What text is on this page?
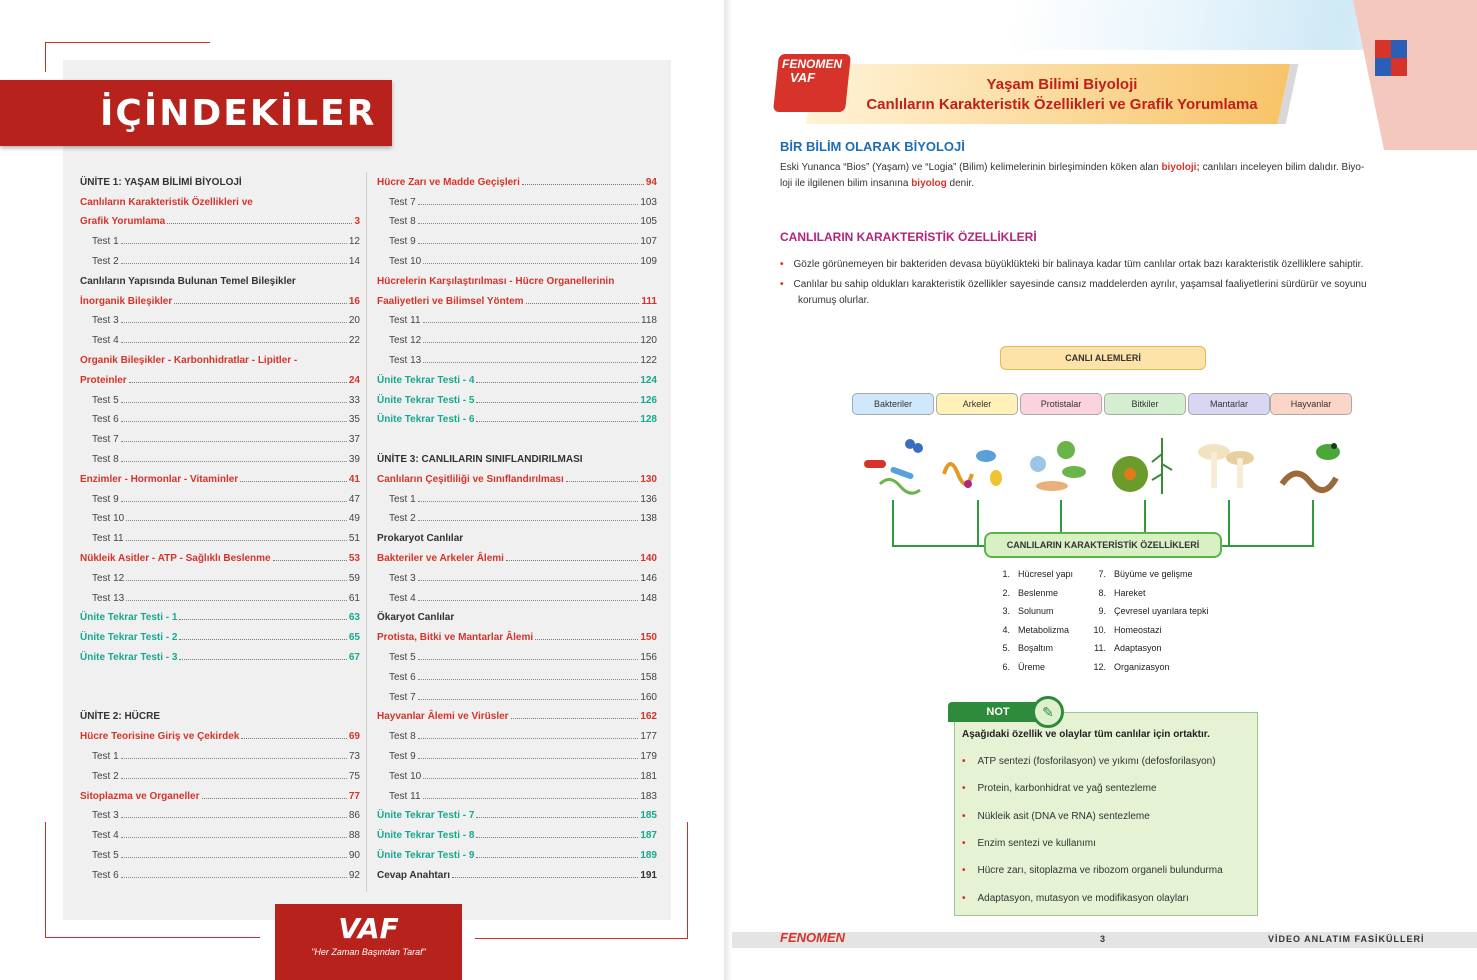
İÇİNDEKİLER
ÜNİTE 1: YAŞAM BİLİMİ BİYOLOJİ
Canlıların Karakteristik Özellikleri ve
Grafik Yorumlama	3
Test 1	12
Test 2	14
Canlıların Yapısında Bulunan Temel Bileşikler
İnorganik Bileşikler	16
Test 3	20
Test 4	22
Organik Bileşikler - Karbonhidratlar - Lipitler -
Proteinler	24
Test 5	33
Test 6	35
Test 7	37
Test 8	39
Enzimler - Hormonlar - Vitaminler	41
Test 9	47
Test 10	49
Test 11	51
Nükleik Asitler - ATP - Sağlıklı Beslenme	53
Test 12	59
Test 13	61
Ünite Tekrar Testi - 1	63
Ünite Tekrar Testi - 2	65
Ünite Tekrar Testi - 3	67
ÜNİTE 2: HÜCRE
Hücre Teorisine Giriş ve Çekirdek	69
Test 1	73
Test 2	75
Sitoplazma ve Organeller	77
Test 3	86
Test 4	88
Test 5	90
Test 6	92
Hücre Zarı ve Madde Geçişleri	94
Test 7	103
Test 8	105
Test 9	107
Test 10	109
Hücrelerin Karşılaştırılması - Hücre Organellerinin
Faaliyetleri ve Bilimsel Yöntem	111
Test 11	118
Test 12	120
Test 13	122
Ünite Tekrar Testi - 4	124
Ünite Tekrar Testi - 5	126
Ünite Tekrar Testi - 6	128
ÜNİTE 3: CANLILARIN SINIFLANDIRILMASI
Canlıların Çeşitliliği ve Sınıflandırılması	130
Test 1	136
Test 2	138
Prokaryot Canlılar
Bakteriler ve Arkeler Âlemi	140
Test 3	146
Test 4	148
Ökaryot Canlılar
Protista, Bitki ve Mantarlar Âlemi	150
Test 5	156
Test 6	158
Test 7	160
Hayvanlar Âlemi ve Virüsler	162
Test 8	177
Test 9	179
Test 10	181
Test 11	183
Ünite Tekrar Testi - 7	185
Ünite Tekrar Testi - 8	187
Ünite Tekrar Testi - 9	189
Cevap Anahtarı	191
VAF
"Her Zaman Başından Taraf"
FENOMEN
VAF	Yaşam Bilimi Biyoloji
Canlıların Karakteristik Özellikleri ve Grafik Yorumlama
BİR BİLİM OLARAK BİYOLOJİ
Eski Yunanca “Bios” (Yaşam) ve “Logia” (Bilim) kelimelerinin birleşiminden köken alan biyoloji; canlıları inceleyen bilim dalıdır. Biyo-
loji ile ilgilenen bilim insanına biyolog denir.
CANLILARIN KARAKTERİSTİK ÖZELLİKLERİ
• Gözle görünemeyen bir bakteriden devasa büyüklükteki bir balinaya kadar tüm canlılar ortak bazı karakteristik özelliklere sahiptir.
• Canlılar bu sahip oldukları karakteristik özellikler sayesinde cansız maddelerden ayrılır, yaşamsal faaliyetlerini sürdürür ve soyunu
korumuş olurlar.
CANLI ALEMLERİ
Bakteriler	Arkeler	Protistalar	Bitkiler	Mantarlar	Hayvanlar
CANLILARIN KARAKTERİSTİK ÖZELLİKLERİ
1. Hücresel yapı
2. Beslenme
3. Solunum
4. Metabolizma
5. Boşaltım
6. Üreme
7. Büyüme ve gelişme
8. Hareket
9. Çevresel uyarılara tepki
10. Homeostazi
11. Adaptasyon
12. Organizasyon
NOT	✎
Aşağıdaki özellik ve olaylar tüm canlılar için ortaktır.
• ATP sentezi (fosforilasyon) ve yıkımı (defosforilasyon)
• Protein, karbonhidrat ve yağ sentezleme
• Nükleik asit (DNA ve RNA) sentezleme
• Enzim sentezi ve kullanımı
• Hücre zarı, sitoplazma ve ribozom organeli bulundurma
• Adaptasyon, mutasyon ve modifikasyon olayları
FENOMEN	3	VİDEO ANLATIM FASİKÜLLERİ
